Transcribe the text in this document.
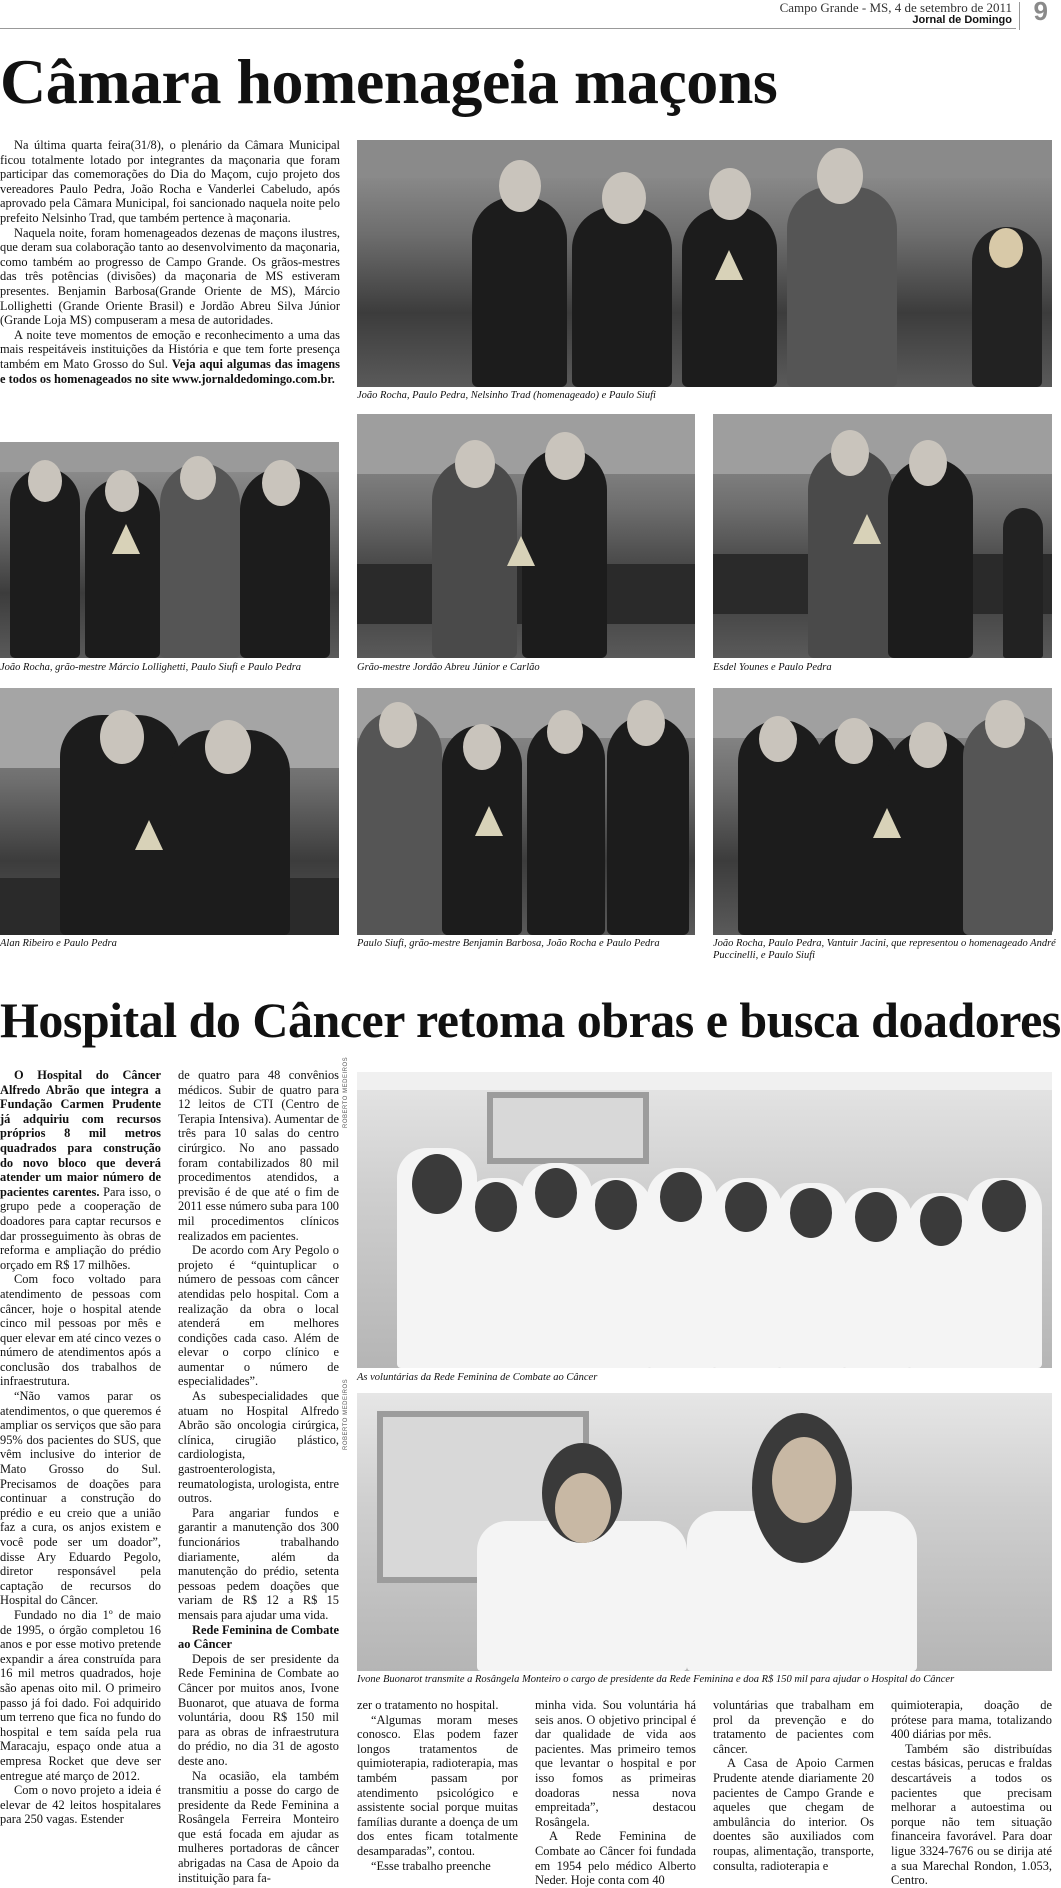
Campo Grande - MS, 4 de setembro de 2011
Jornal de Domingo 9
Câmara homenageia maçons

Na última quarta feira(31/8), o plenário da Câmara Municipal ficou totalmente lotado por integrantes da maçonaria que foram participar das comemorações do Dia do Maçom, cujo projeto dos vereadores Paulo Pedra, João Rocha e Vanderlei Cabeludo, após aprovado pela Câmara Municipal, foi sancionado naquela noite pelo prefeito Nelsinho Trad, que também pertence à maçonaria.

Naquela noite, foram homenageados dezenas de maçons ilustres, que deram sua colaboração tanto ao desenvolvimento da maçonaria, como também ao progresso de Campo Grande. Os grãos-mestres das três potências (divisões) da maçonaria de MS estiveram presentes. Benjamin Barbosa(Grande Oriente de MS), Márcio Lollighetti (Grande Oriente Brasil) e Jordão Abreu Silva Júnior (Grande Loja MS) compuseram a mesa de autoridades.

A noite teve momentos de emoção e reconhecimento a uma das mais respeitáveis instituições da História e que tem forte presença também em Mato Grosso do Sul. Veja aqui algumas das imagens e todos os homenageados no site www.jornaldedomingo.com.br.

João Rocha, Paulo Pedra, Nelsinho Trad (homenageado) e Paulo Siufi
João Rocha, grão-mestre Márcio Lollighetti, Paulo Siufi e Paulo Pedra	Grão-mestre Jordão Abreu Júnior e Carlão	Esdel Younes e Paulo Pedra
Alan Ribeiro e Paulo Pedra	Paulo Siufi, grão-mestre Benjamin Barbosa, João Rocha e Paulo Pedra	João Rocha, Paulo Pedra, Vantuir Jacini, que representou o homenageado André
Puccinelli, e Paulo Siufi
Hospital do Câncer retoma obras e busca doadores

O Hospital do Câncer Alfredo Abrão que integra a Fundação Carmen Prudente já adquiriu com recursos próprios 8 mil metros quadrados para construção do novo bloco que deverá atender um maior número de pacientes carentes. Para isso, o grupo pede a cooperação de doadores para captar recursos e dar prosseguimento às obras de reforma e ampliação do prédio orçado em R$ 17 milhões.

Com foco voltado para atendimento de pessoas com câncer, hoje o hospital atende cinco mil pessoas por mês e quer elevar em até cinco vezes o número de atendimentos após a conclusão dos trabalhos de infraestrutura.

“Não vamos parar os atendimentos, o que queremos é ampliar os serviços que são para 95% dos pacientes do SUS, que vêm inclusive do interior de Mato Grosso do Sul. Precisamos de doações para continuar a construção do prédio e eu creio que a união faz a cura, os anjos existem e você pode ser um doador”, disse Ary Eduardo Pegolo, diretor responsável pela captação de recursos do Hospital do Câncer.

Fundado no dia 1º de maio de 1995, o órgão completou 16 anos e por esse motivo pretende expandir a área construída para 16 mil metros quadrados, hoje são apenas oito mil. O primeiro passo já foi dado. Foi adquirido um terreno que fica no fundo do hospital e tem saída pela rua Maracaju, espaço onde atua a empresa Rocket que deve ser entregue até março de 2012.

Com o novo projeto a ideia é elevar de 42 leitos hospitalares para 250 vagas. Estender

de quatro para 48 convênios médicos. Subir de quatro para 12 leitos de CTI (Centro de Terapia Intensiva). Aumentar de três para 10 salas do centro cirúrgico. No ano passado foram contabilizados 80 mil procedimentos atendidos, a previsão é de que até o fim de 2011 esse número suba para 100 mil procedimentos clínicos realizados em pacientes.

De acordo com Ary Pegolo o projeto é “quintuplicar o número de pessoas com câncer atendidas pelo hospital. Com a realização da obra o local atenderá em melhores condições cada caso. Além de elevar o corpo clínico e aumentar o número de especialidades”.

As subespecialidades que atuam no Hospital Alfredo Abrão são oncologia cirúrgica, clínica, cirugião plástico, cardiologista, gastroenterologista, reumatologista, urologista, entre outros.

Para angariar fundos e garantir a manutenção dos 300 funcionários trabalhando diariamente, além da manutenção do prédio, setenta pessoas pedem doações que variam de R$ 12 a R$ 15 mensais para ajudar uma vida.

Rede Feminina de Combate ao Câncer

Depois de ser presidente da Rede Feminina de Combate ao Câncer por muitos anos, Ivone Buonarot, que atuava de forma voluntária, doou R$ 150 mil para as obras de infraestrutura do prédio, no dia 31 de agosto deste ano.

Na ocasião, ela também transmitiu a posse do cargo de presidente da Rede Feminina a Rosângela Ferreira Monteiro que está focada em ajudar as mulheres portadoras de câncer abrigadas na Casa de Apoio da instituição para fa-

ROBERTO MEDEIROS
As voluntárias da Rede Feminina de Combate ao Câncer
ROBERTO MEDEIROS
Ivone Buonarot transmite a Rosângela Monteiro o cargo de presidente da Rede Feminina e doa R$ 150 mil para ajudar o Hospital do Câncer

zer o tratamento no hospital.

“Algumas moram meses conosco. Elas podem fazer longos tratamentos de quimioterapia, radioterapia, mas também passam por atendimento psicológico e assistente social porque muitas famílias durante a doença de um dos entes ficam totalmente desamparadas”, contou.

“Esse trabalho preenche

minha vida. Sou voluntária há seis anos. O objetivo principal é dar qualidade de vida aos pacientes. Mas primeiro temos que levantar o hospital e por isso fomos as primeiras doadoras nessa nova empreitada”, destacou Rosângela.

A Rede Feminina de Combate ao Câncer foi fundada em 1954 pelo médico Alberto Neder. Hoje conta com 40

voluntárias que trabalham em prol da prevenção e do tratamento de pacientes com câncer.

A Casa de Apoio Carmen Prudente atende diariamente 20 pacientes de Campo Grande e aqueles que chegam de ambulância do interior. Os doentes são auxiliados com roupas, alimentação, transporte, consulta, radioterapia e

quimioterapia, doação de prótese para mama, totalizando 400 diárias por mês.

Também são distribuídas cestas básicas, perucas e fraldas descartáveis a todos os pacientes que precisam melhorar a autoestima ou porque não tem situação financeira favorável. Para doar ligue 3324-7676 ou se dirija até a sua Marechal Rondon, 1.053, Centro.
